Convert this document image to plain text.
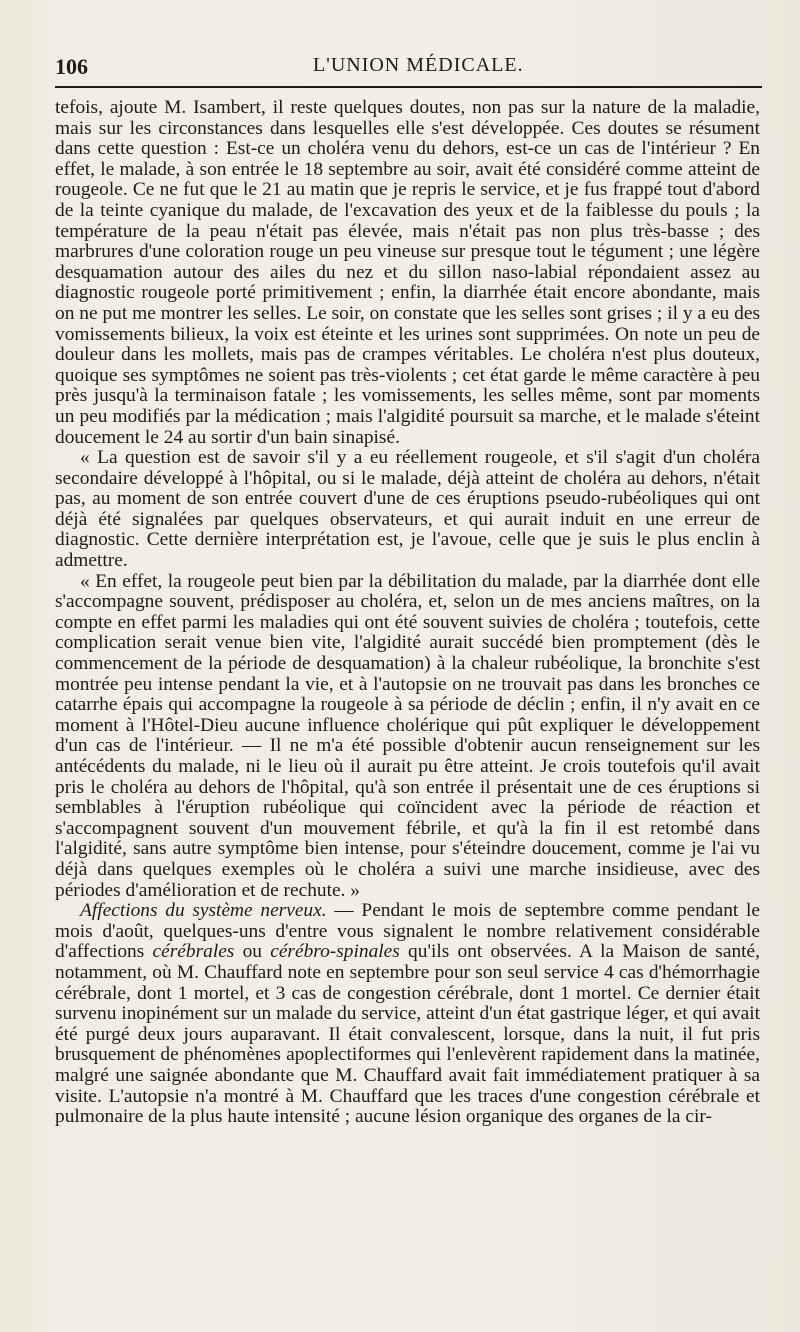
106	L'UNION MÉDICALE.

tefois, ajoute M. Isambert, il reste quelques doutes, non pas sur la nature de la maladie, mais sur les circonstances dans lesquelles elle s'est développée. Ces doutes se résument dans cette question : Est-ce un choléra venu du dehors, est-ce un cas de l'intérieur ? En effet, le malade, à son entrée le 18 septembre au soir, avait été considéré comme atteint de rougeole. Ce ne fut que le 21 au matin que je repris le service, et je fus frappé tout d'abord de la teinte cyanique du malade, de l'excavation des yeux et de la faiblesse du pouls ; la température de la peau n'était pas élevée, mais n'était pas non plus très-basse ; des marbrures d'une coloration rouge un peu vineuse sur presque tout le tégument ; une légère desquamation autour des ailes du nez et du sillon naso-labial répondaient assez au diagnostic rougeole porté primitivement ; enfin, la diarrhée était encore abondante, mais on ne put me montrer les selles. Le soir, on constate que les selles sont grises ; il y a eu des vomissements bilieux, la voix est éteinte et les urines sont supprimées. On note un peu de douleur dans les mollets, mais pas de crampes véritables. Le choléra n'est plus douteux, quoique ses symptômes ne soient pas très-violents ; cet état garde le même caractère à peu près jusqu'à la terminaison fatale ; les vomissements, les selles même, sont par moments un peu modifiés par la médication ; mais l'algidité poursuit sa marche, et le malade s'éteint doucement le 24 au sortir d'un bain sinapisé.

« La question est de savoir s'il y a eu réellement rougeole, et s'il s'agit d'un choléra secondaire développé à l'hôpital, ou si le malade, déjà atteint de choléra au dehors, n'était pas, au moment de son entrée couvert d'une de ces éruptions pseudo-rubéoliques qui ont déjà été signalées par quelques observateurs, et qui aurait induit en une erreur de diagnostic. Cette dernière interprétation est, je l'avoue, celle que je suis le plus enclin à admettre.

« En effet, la rougeole peut bien par la débilitation du malade, par la diarrhée dont elle s'accompagne souvent, prédisposer au choléra, et, selon un de mes anciens maîtres, on la compte en effet parmi les maladies qui ont été souvent suivies de choléra ; toutefois, cette complication serait venue bien vite, l'algidité aurait succédé bien promptement (dès le commencement de la période de desquamation) à la chaleur rubéolique, la bronchite s'est montrée peu intense pendant la vie, et à l'autopsie on ne trouvait pas dans les bronches ce catarrhe épais qui accompagne la rougeole à sa période de déclin ; enfin, il n'y avait en ce moment à l'Hôtel-Dieu aucune influence cholérique qui pût expliquer le développement d'un cas de l'intérieur. — Il ne m'a été possible d'obtenir aucun renseignement sur les antécédents du malade, ni le lieu où il aurait pu être atteint. Je crois toutefois qu'il avait pris le choléra au dehors de l'hôpital, qu'à son entrée il présentait une de ces éruptions si semblables à l'éruption rubéolique qui coïncident avec la période de réaction et s'accompagnent souvent d'un mouvement fébrile, et qu'à la fin il est retombé dans l'algidité, sans autre symptôme bien intense, pour s'éteindre doucement, comme je l'ai vu déjà dans quelques exemples où le choléra a suivi une marche insidieuse, avec des périodes d'amélioration et de rechute. »

Affections du système nerveux. — Pendant le mois de septembre comme pendant le mois d'août, quelques-uns d'entre vous signalent le nombre relativement considérable d'affections cérébrales ou cérébro-spinales qu'ils ont observées. A la Maison de santé, notamment, où M. Chauffard note en septembre pour son seul service 4 cas d'hémorrhagie cérébrale, dont 1 mortel, et 3 cas de congestion cérébrale, dont 1 mortel. Ce dernier était survenu inopinément sur un malade du service, atteint d'un état gastrique léger, et qui avait été purgé deux jours auparavant. Il était convalescent, lorsque, dans la nuit, il fut pris brusquement de phénomènes apoplectiformes qui l'enlevèrent rapidement dans la matinée, malgré une saignée abondante que M. Chauffard avait fait immédiatement pratiquer à sa visite. L'autopsie n'a montré à M. Chauffard que les traces d'une congestion cérébrale et pulmonaire de la plus haute intensité ; aucune lésion organique des organes de la cir-
